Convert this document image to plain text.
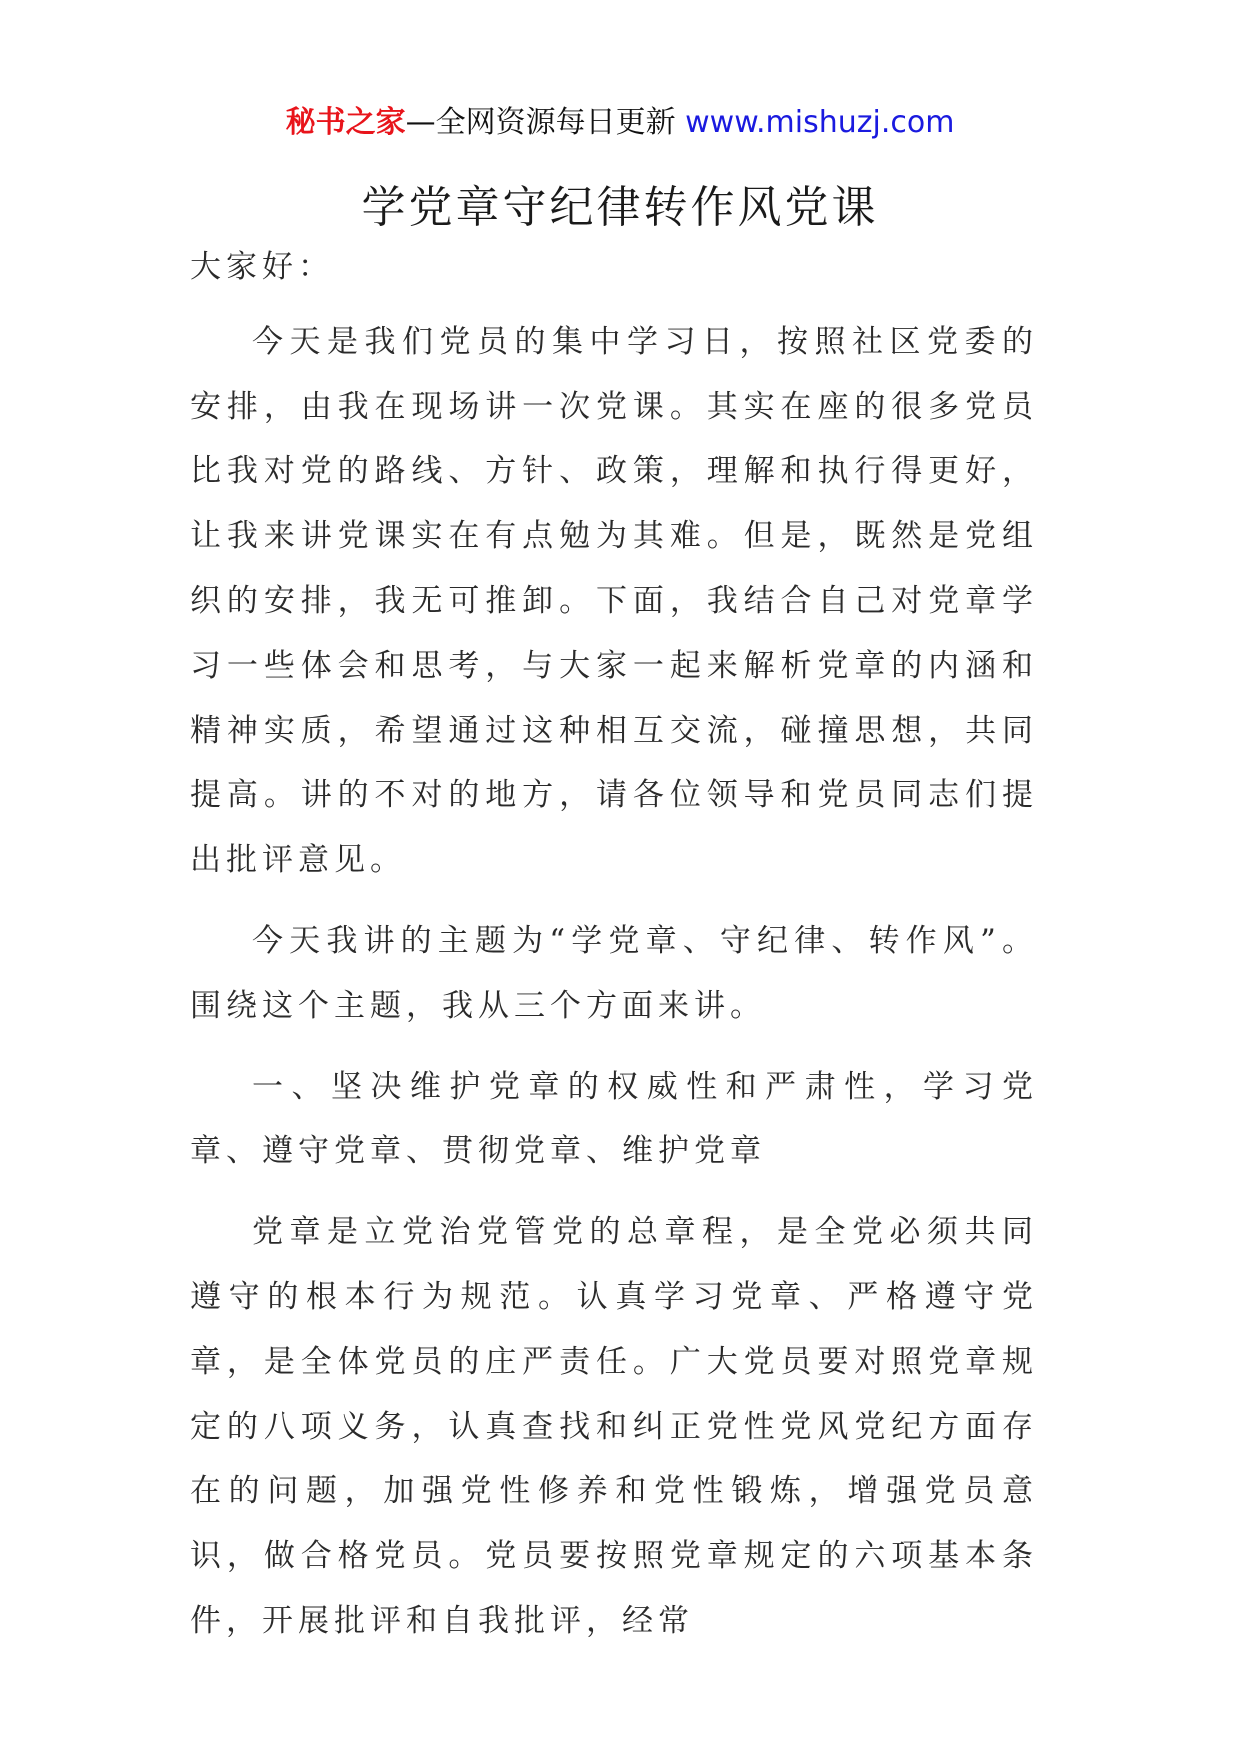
秘书之家—全网资源每日更新 www.mishuzj.com
学党章守纪律转作风党课

大家好：

今天是我们党员的集中学习日，按照社区党委的安排，由我在现场讲一次党课。其实在座的很多党员比我对党的路线、方针、政策，理解和执行得更好，让我来讲党课实在有点勉为其难。但是，既然是党组织的安排，我无可推卸。下面，我结合自己对党章学习一些体会和思考，与大家一起来解析党章的内涵和精神实质，希望通过这种相互交流，碰撞思想，共同提高。讲的不对的地方，请各位领导和党员同志们提出批评意见。

今天我讲的主题为“学党章、守纪律、转作风”。围绕这个主题，我从三个方面来讲。

一、坚决维护党章的权威性和严肃性，学习党章、遵守党章、贯彻党章、维护党章

党章是立党治党管党的总章程，是全党必须共同遵守的根本行为规范。认真学习党章、严格遵守党章，是全体党员的庄严责任。广大党员要对照党章规定的八项义务，认真查找和纠正党性党风党纪方面存在的问题，加强党性修养和党性锻炼，增强党员意识，做合格党员。党员要按照党章规定的六项基本条件，开展批评和自我批评，经常
